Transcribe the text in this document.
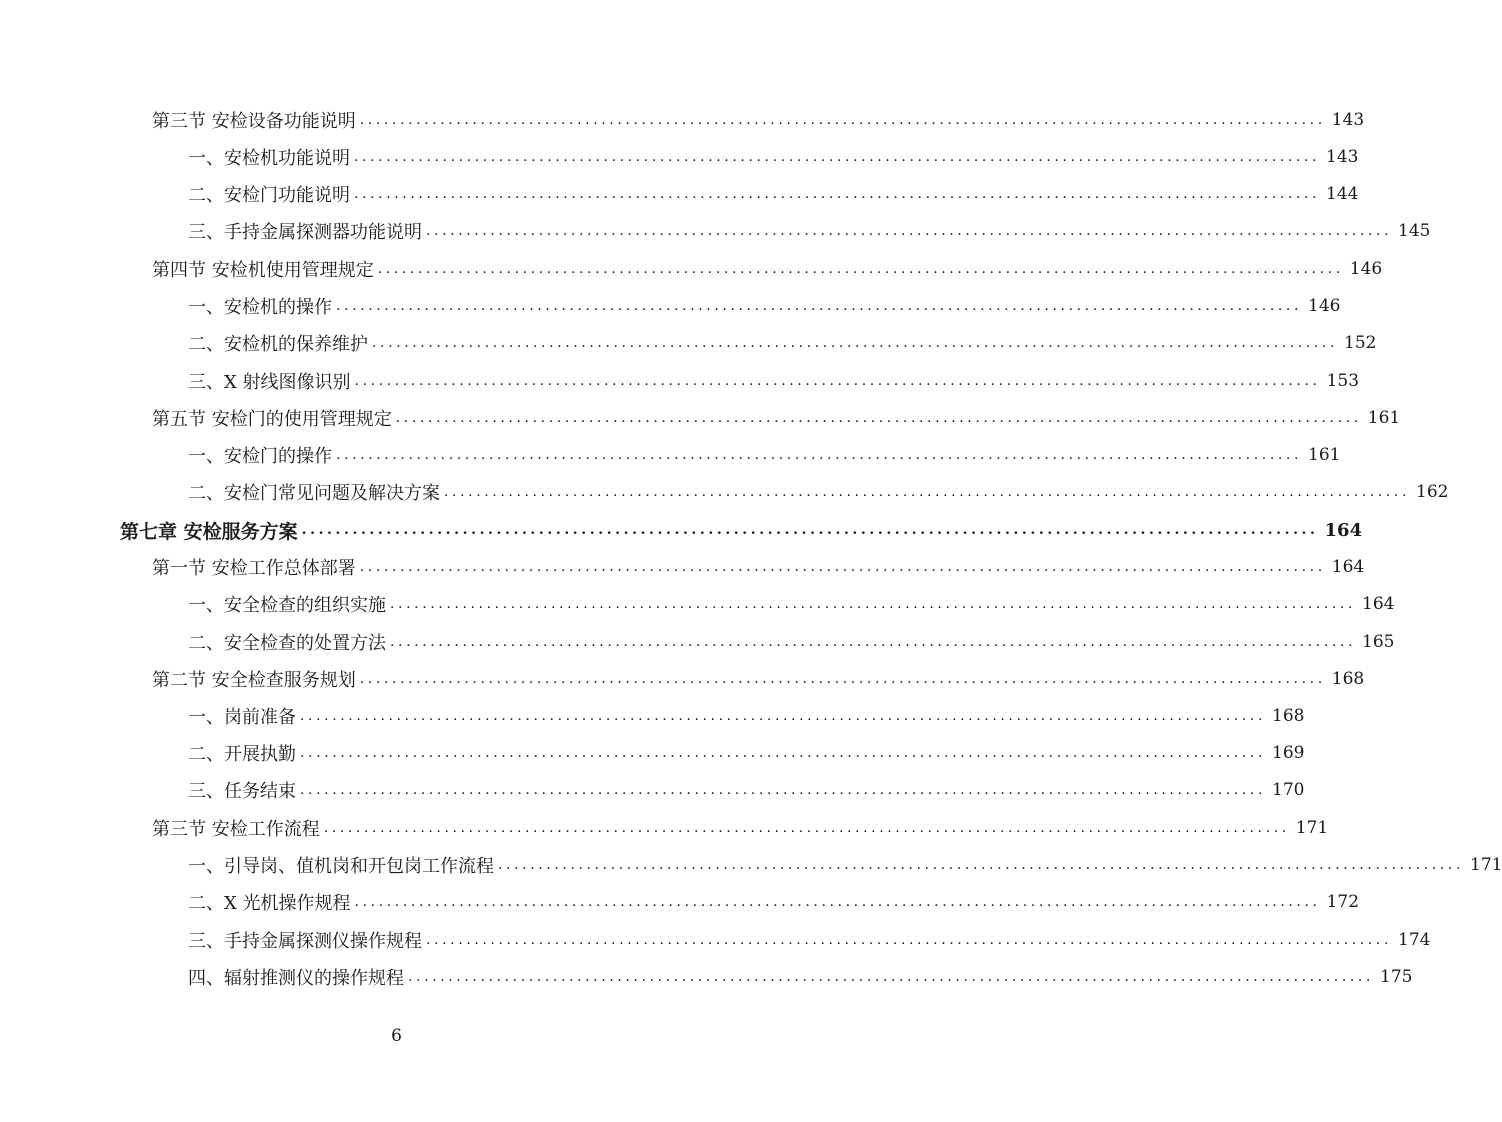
第三节 安检设备功能说明 ........................................................................................................................ 143
一、安检机功能说明 ........................................................................................................................ 143
二、安检门功能说明 ........................................................................................................................ 144
三、手持金属探测器功能说明 ........................................................................................................................ 145
第四节 安检机使用管理规定 ........................................................................................................................ 146
一、安检机的操作 ........................................................................................................................ 146
二、安检机的保养维护 ........................................................................................................................ 152
三、X 射线图像识别 ........................................................................................................................ 153
第五节 安检门的使用管理规定 ........................................................................................................................ 161
一、安检门的操作 ........................................................................................................................ 161
二、安检门常见问题及解决方案 ........................................................................................................................ 162
第七章 安检服务方案 ........................................................................................................................ 164
第一节 安检工作总体部署 ........................................................................................................................ 164
一、安全检查的组织实施 ........................................................................................................................ 164
二、安全检查的处置方法 ........................................................................................................................ 165
第二节 安全检查服务规划 ........................................................................................................................ 168
一、岗前准备 ........................................................................................................................ 168
二、开展执勤 ........................................................................................................................ 169
三、任务结束 ........................................................................................................................ 170
第三节 安检工作流程 ........................................................................................................................ 171
一、引导岗、值机岗和开包岗工作流程 ........................................................................................................................ 171
二、X 光机操作规程 ........................................................................................................................ 172
三、手持金属探测仪操作规程 ........................................................................................................................ 174
四、辐射推测仪的操作规程 ........................................................................................................................ 175
6
